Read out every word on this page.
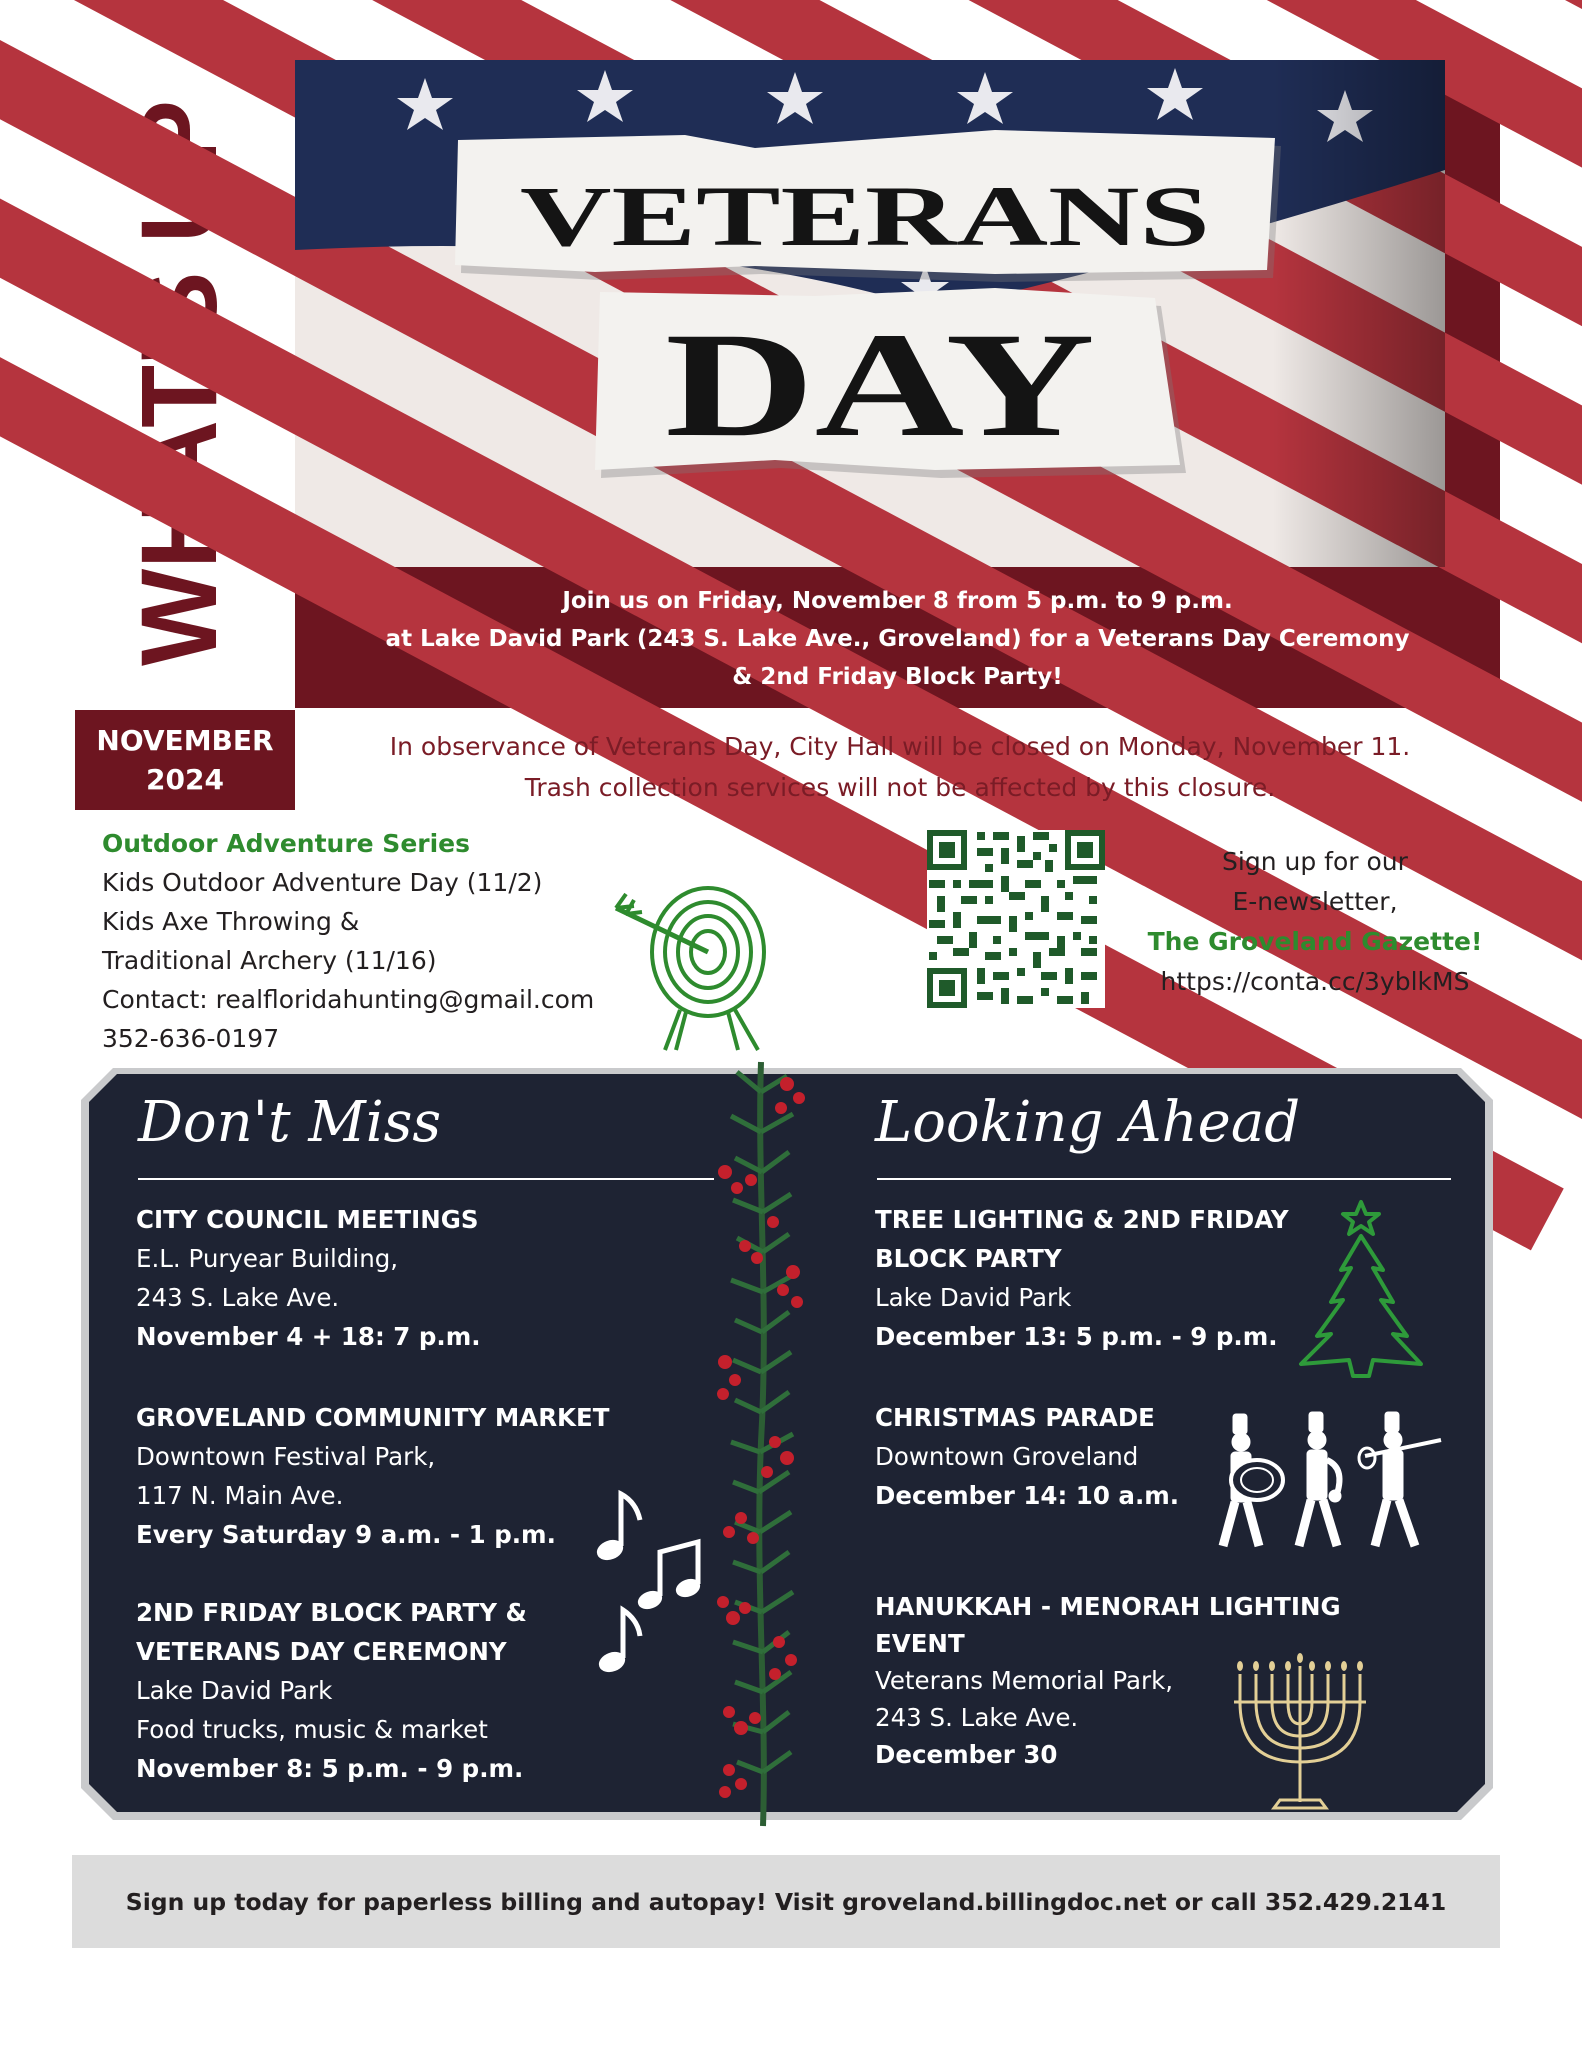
VETERANS
DAY
Join us on Friday, November 8 from 5 p.m. to 9 p.m.
at Lake David Park (243 S. Lake Ave., Groveland) for a Veterans Day Ceremony
& 2nd Friday Block Party!
NOVEMBER
2024
In observance of Veterans Day, City Hall will be closed on Monday, November 11.
Trash collection services will not be affected by this closure.
Outdoor Adventure Series
Kids Outdoor Adventure Day (11/2)
Kids Axe Throwing &
Traditional Archery (11/16)
Contact: realfloridahunting@gmail.com
352-636-0197
Sign up for our
E-newsletter,
The Groveland Gazette!
https://conta.cc/3yblkMS
Don't Miss
CITY COUNCIL MEETINGS
E.L. Puryear Building,
243 S. Lake Ave.
November 4 + 18: 7 p.m.
GROVELAND COMMUNITY MARKET
Downtown Festival Park,
117 N. Main Ave.
Every Saturday 9 a.m. - 1 p.m.
2ND FRIDAY BLOCK PARTY &
VETERANS DAY CEREMONY
Lake David Park
Food trucks, music & market
November 8: 5 p.m. - 9 p.m.
Looking Ahead
TREE LIGHTING & 2ND FRIDAY
BLOCK PARTY
Lake David Park
December 13: 5 p.m. - 9 p.m.
CHRISTMAS PARADE
Downtown Groveland
December 14: 10 a.m.
HANUKKAH - MENORAH LIGHTING
EVENT
Veterans Memorial Park,
243 S. Lake Ave.
December 30
Sign up today for paperless billing and autopay! Visit groveland.billingdoc.net or call 352.429.2141
